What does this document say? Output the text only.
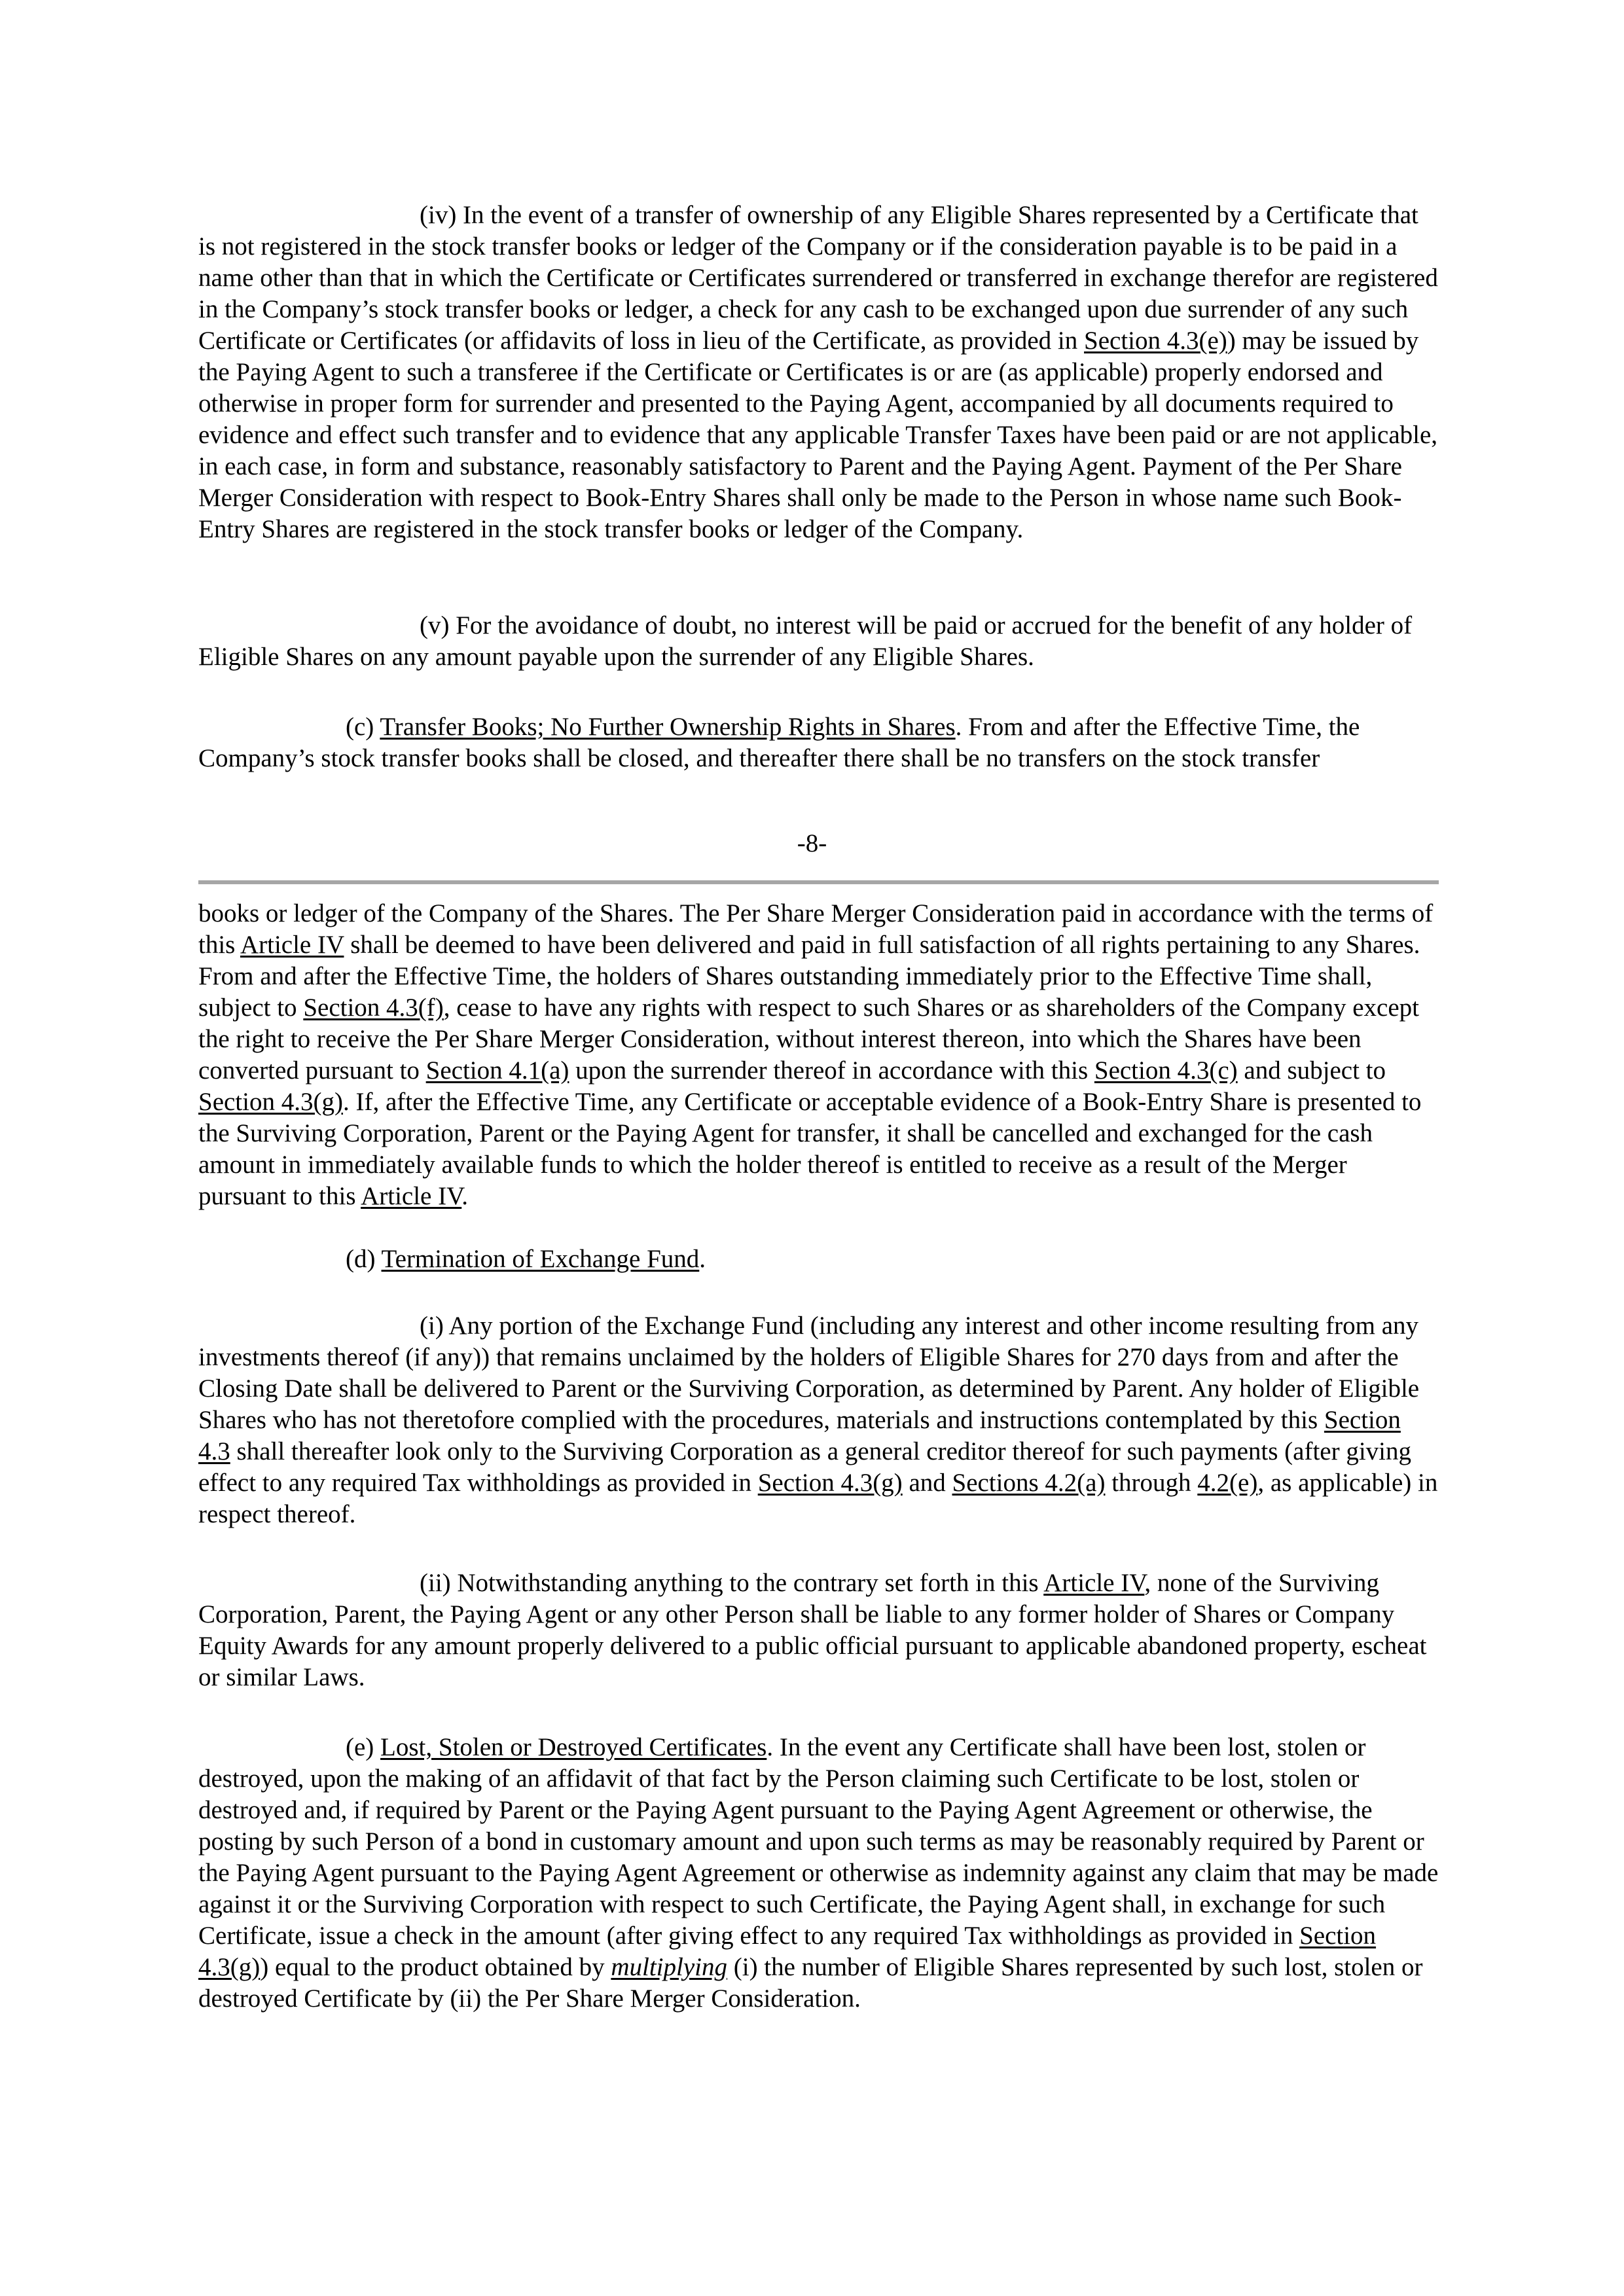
(iv) In the event of a transfer of ownership of any Eligible Shares represented by a Certificate that is not registered in the stock transfer books or ledger of the Company or if the consideration payable is to be paid in a name other than that in which the Certificate or Certificates surrendered or transferred in exchange therefor are registered in the Company’s stock transfer books or ledger, a check for any cash to be exchanged upon due surrender of any such Certificate or Certificates (or affidavits of loss in lieu of the Certificate, as provided in Section 4.3(e)) may be issued by the Paying Agent to such a transferee if the Certificate or Certificates is or are (as applicable) properly endorsed and otherwise in proper form for surrender and presented to the Paying Agent, accompanied by all documents required to evidence and effect such transfer and to evidence that any applicable Transfer Taxes have been paid or are not applicable, in each case, in form and substance, reasonably satisfactory to Parent and the Paying Agent. Payment of the Per Share Merger Consideration with respect to Book-Entry Shares shall only be made to the Person in whose name such Book-Entry Shares are registered in the stock transfer books or ledger of the Company.

(v) For the avoidance of doubt, no interest will be paid or accrued for the benefit of any holder of Eligible Shares on any amount payable upon the surrender of any Eligible Shares.

(c) Transfer Books; No Further Ownership Rights in Shares. From and after the Effective Time, the Company’s stock transfer books shall be closed, and thereafter there shall be no transfers on the stock transfer

-8-

books or ledger of the Company of the Shares. The Per Share Merger Consideration paid in accordance with the terms of this Article IV shall be deemed to have been delivered and paid in full satisfaction of all rights pertaining to any Shares. From and after the Effective Time, the holders of Shares outstanding immediately prior to the Effective Time shall, subject to Section 4.3(f), cease to have any rights with respect to such Shares or as shareholders of the Company except the right to receive the Per Share Merger Consideration, without interest thereon, into which the Shares have been converted pursuant to Section 4.1(a) upon the surrender thereof in accordance with this Section 4.3(c) and subject to Section 4.3(g). If, after the Effective Time, any Certificate or acceptable evidence of a Book-Entry Share is presented to the Surviving Corporation, Parent or the Paying Agent for transfer, it shall be cancelled and exchanged for the cash amount in immediately available funds to which the holder thereof is entitled to receive as a result of the Merger pursuant to this Article IV.

(d) Termination of Exchange Fund.

(i) Any portion of the Exchange Fund (including any interest and other income resulting from any investments thereof (if any)) that remains unclaimed by the holders of Eligible Shares for 270 days from and after the Closing Date shall be delivered to Parent or the Surviving Corporation, as determined by Parent. Any holder of Eligible Shares who has not theretofore complied with the procedures, materials and instructions contemplated by this Section 4.3 shall thereafter look only to the Surviving Corporation as a general creditor thereof for such payments (after giving effect to any required Tax withholdings as provided in Section 4.3(g) and Sections 4.2(a) through 4.2(e), as applicable) in respect thereof.

(ii) Notwithstanding anything to the contrary set forth in this Article IV, none of the Surviving Corporation, Parent, the Paying Agent or any other Person shall be liable to any former holder of Shares or Company Equity Awards for any amount properly delivered to a public official pursuant to applicable abandoned property, escheat or similar Laws.

(e) Lost, Stolen or Destroyed Certificates. In the event any Certificate shall have been lost, stolen or destroyed, upon the making of an affidavit of that fact by the Person claiming such Certificate to be lost, stolen or destroyed and, if required by Parent or the Paying Agent pursuant to the Paying Agent Agreement or otherwise, the posting by such Person of a bond in customary amount and upon such terms as may be reasonably required by Parent or the Paying Agent pursuant to the Paying Agent Agreement or otherwise as indemnity against any claim that may be made against it or the Surviving Corporation with respect to such Certificate, the Paying Agent shall, in exchange for such Certificate, issue a check in the amount (after giving effect to any required Tax withholdings as provided in Section 4.3(g)) equal to the product obtained by multiplying (i) the number of Eligible Shares represented by such lost, stolen or destroyed Certificate by (ii) the Per Share Merger Consideration.
